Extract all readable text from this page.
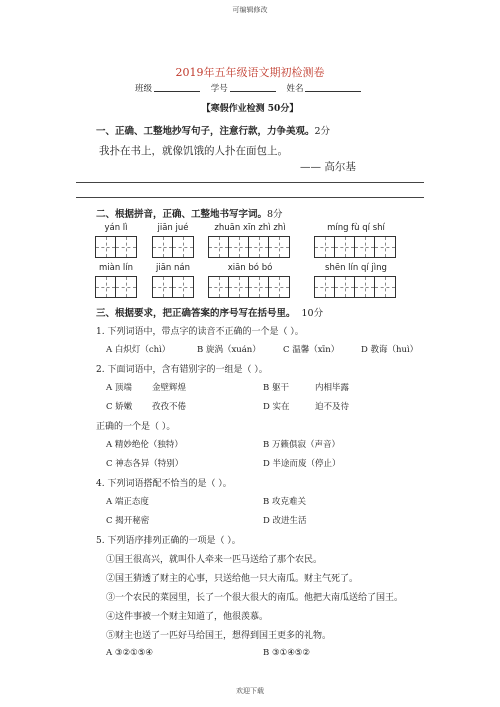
可编辑修改
2019年五年级语文期初检测卷
班级	学号	姓名
【寒假作业检测 50分】
一、正确、工整地抄写句子，注意行款，力争美观。2分
我扑在书上，就像饥饿的人扑在面包上。
—— 高尔基
二、根据拼音，正确、工整地书写字词。8分
yán lì	jiān jué	zhuān xīn zhì zhì	míng fù qí shí
miàn lín	jiān nán	xiān bó bó	shēn lín qí jìng
三、根据要求，把正确答案的序号写在括号里。 10分
1. 下列词语中，带点字的读音不正确的一个是（ ）。
A 白炽灯（chì）	B 旋涡（xuán）	C 温馨（xīn）	D 教诲（huì）
2. 下面词语中，含有错别字的一组是（ ）。
A 顶端 金壁辉煌	B 躯干	内相毕露
C 娇嫩 孜孜不倦	D 实在	迫不及待
正确的一个是（ ）。
A 精妙绝伦（独特）	B 万籁俱寂（声音）
C 神态各异（特别）	D 半途而废（停止）
4. 下列词语搭配不恰当的是（ ）。
A 端正态度	B 攻克难关
C 揭开秘密	D 改进生活
5. 下列语序排列正确的一项是（ ）。
①国王很高兴，就叫仆人牵来一匹马送给了那个农民。
②国王猜透了财主的心事，只送给他一只大南瓜。财主气死了。
③一个农民的菜园里，长了一个很大很大的南瓜。他把大南瓜送给了国王。
④这件事被一个财主知道了，他很羡慕。
⑤财主也送了一匹好马给国王，想得到国王更多的礼物。
A ③②①⑤④	B ③①④⑤②
欢迎下载
